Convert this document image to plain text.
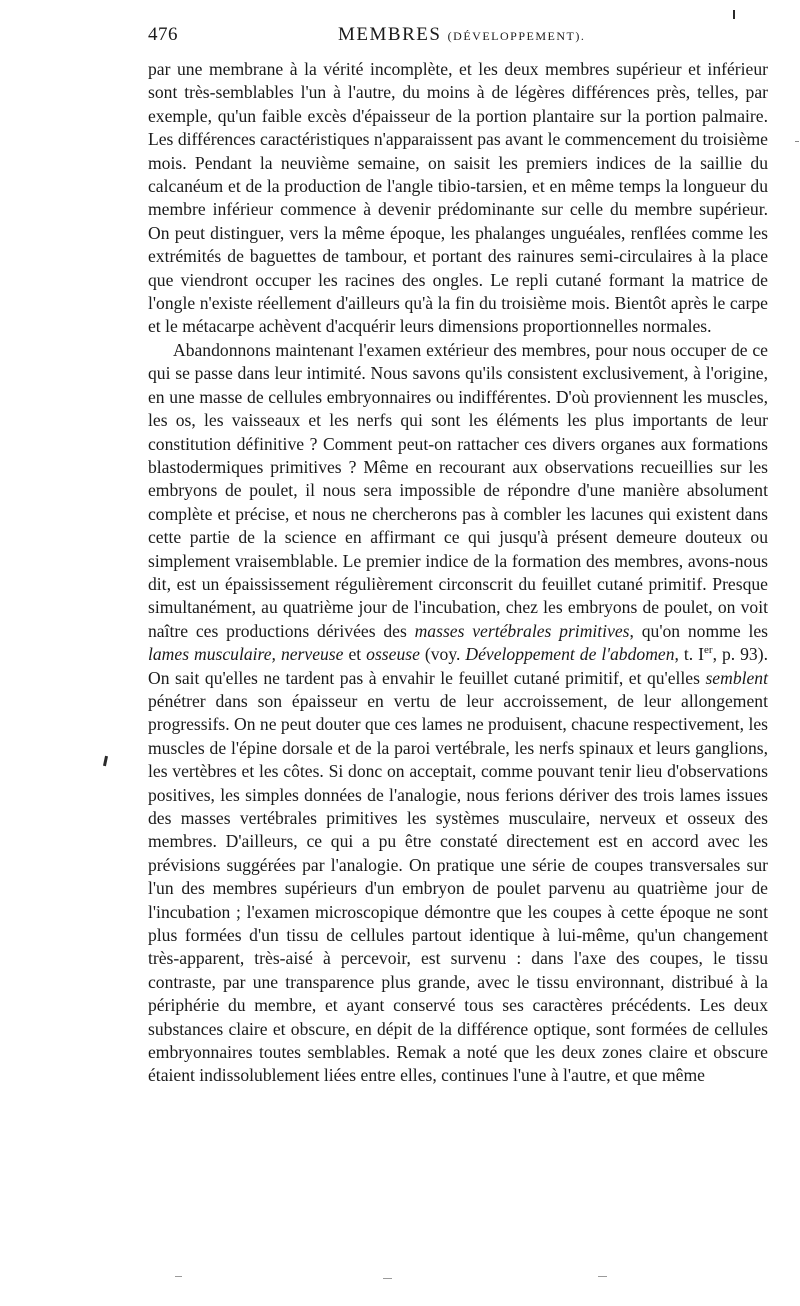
476	MEMBRES (DÉVELOPPEMENT).

par une membrane à la vérité incomplète, et les deux membres supérieur et inférieur sont très-semblables l'un à l'autre, du moins à de légères différences près, telles, par exemple, qu'un faible excès d'épaisseur de la portion plantaire sur la portion palmaire. Les différences caractéristiques n'apparaissent pas avant le commencement du troisième mois. Pendant la neuvième semaine, on saisit les premiers indices de la saillie du calcanéum et de la production de l'angle tibio-tarsien, et en même temps la longueur du membre inférieur commence à devenir prédominante sur celle du membre supérieur. On peut distinguer, vers la même époque, les phalanges unguéales, renflées comme les extrémités de baguettes de tambour, et portant des rainures semi-circulaires à la place que viendront occuper les racines des ongles. Le repli cutané formant la matrice de l'ongle n'existe réellement d'ailleurs qu'à la fin du troisième mois. Bientôt après le carpe et le métacarpe achèvent d'acquérir leurs dimensions proportionnelles normales.

Abandonnons maintenant l'examen extérieur des membres, pour nous occuper de ce qui se passe dans leur intimité. Nous savons qu'ils consistent exclusivement, à l'origine, en une masse de cellules embryonnaires ou indifférentes. D'où proviennent les muscles, les os, les vaisseaux et les nerfs qui sont les éléments les plus importants de leur constitution définitive ? Comment peut-on rattacher ces divers organes aux formations blastodermiques primitives ? Même en recourant aux observations recueillies sur les embryons de poulet, il nous sera impossible de répondre d'une manière absolument complète et précise, et nous ne chercherons pas à combler les lacunes qui existent dans cette partie de la science en affirmant ce qui jusqu'à présent demeure douteux ou simplement vraisemblable. Le premier indice de la formation des membres, avons-nous dit, est un épaississement régulièrement circonscrit du feuillet cutané primitif. Presque simultanément, au quatrième jour de l'incubation, chez les embryons de poulet, on voit naître ces productions dérivées des masses vertébrales primitives, qu'on nomme les lames musculaire, nerveuse et osseuse (voy. Développement de l'abdomen, t. Ier, p. 93). On sait qu'elles ne tardent pas à envahir le feuillet cutané primitif, et qu'elles semblent pénétrer dans son épaisseur en vertu de leur accroissement, de leur allongement progressifs. On ne peut douter que ces lames ne produisent, chacune respectivement, les muscles de l'épine dorsale et de la paroi vertébrale, les nerfs spinaux et leurs ganglions, les vertèbres et les côtes. Si donc on acceptait, comme pouvant tenir lieu d'observations positives, les simples données de l'analogie, nous ferions dériver des trois lames issues des masses vertébrales primitives les systèmes musculaire, nerveux et osseux des membres. D'ailleurs, ce qui a pu être constaté directement est en accord avec les prévisions suggérées par l'analogie. On pratique une série de coupes transversales sur l'un des membres supérieurs d'un embryon de poulet parvenu au quatrième jour de l'incubation ; l'examen microscopique démontre que les coupes à cette époque ne sont plus formées d'un tissu de cellules partout identique à lui-même, qu'un changement très-apparent, très-aisé à percevoir, est survenu : dans l'axe des coupes, le tissu contraste, par une transparence plus grande, avec le tissu environnant, distribué à la périphérie du membre, et ayant conservé tous ses caractères précédents. Les deux substances claire et obscure, en dépit de la différence optique, sont formées de cellules embryonnaires toutes semblables. Remak a noté que les deux zones claire et obscure étaient indissolublement liées entre elles, continues l'une à l'autre, et que même
